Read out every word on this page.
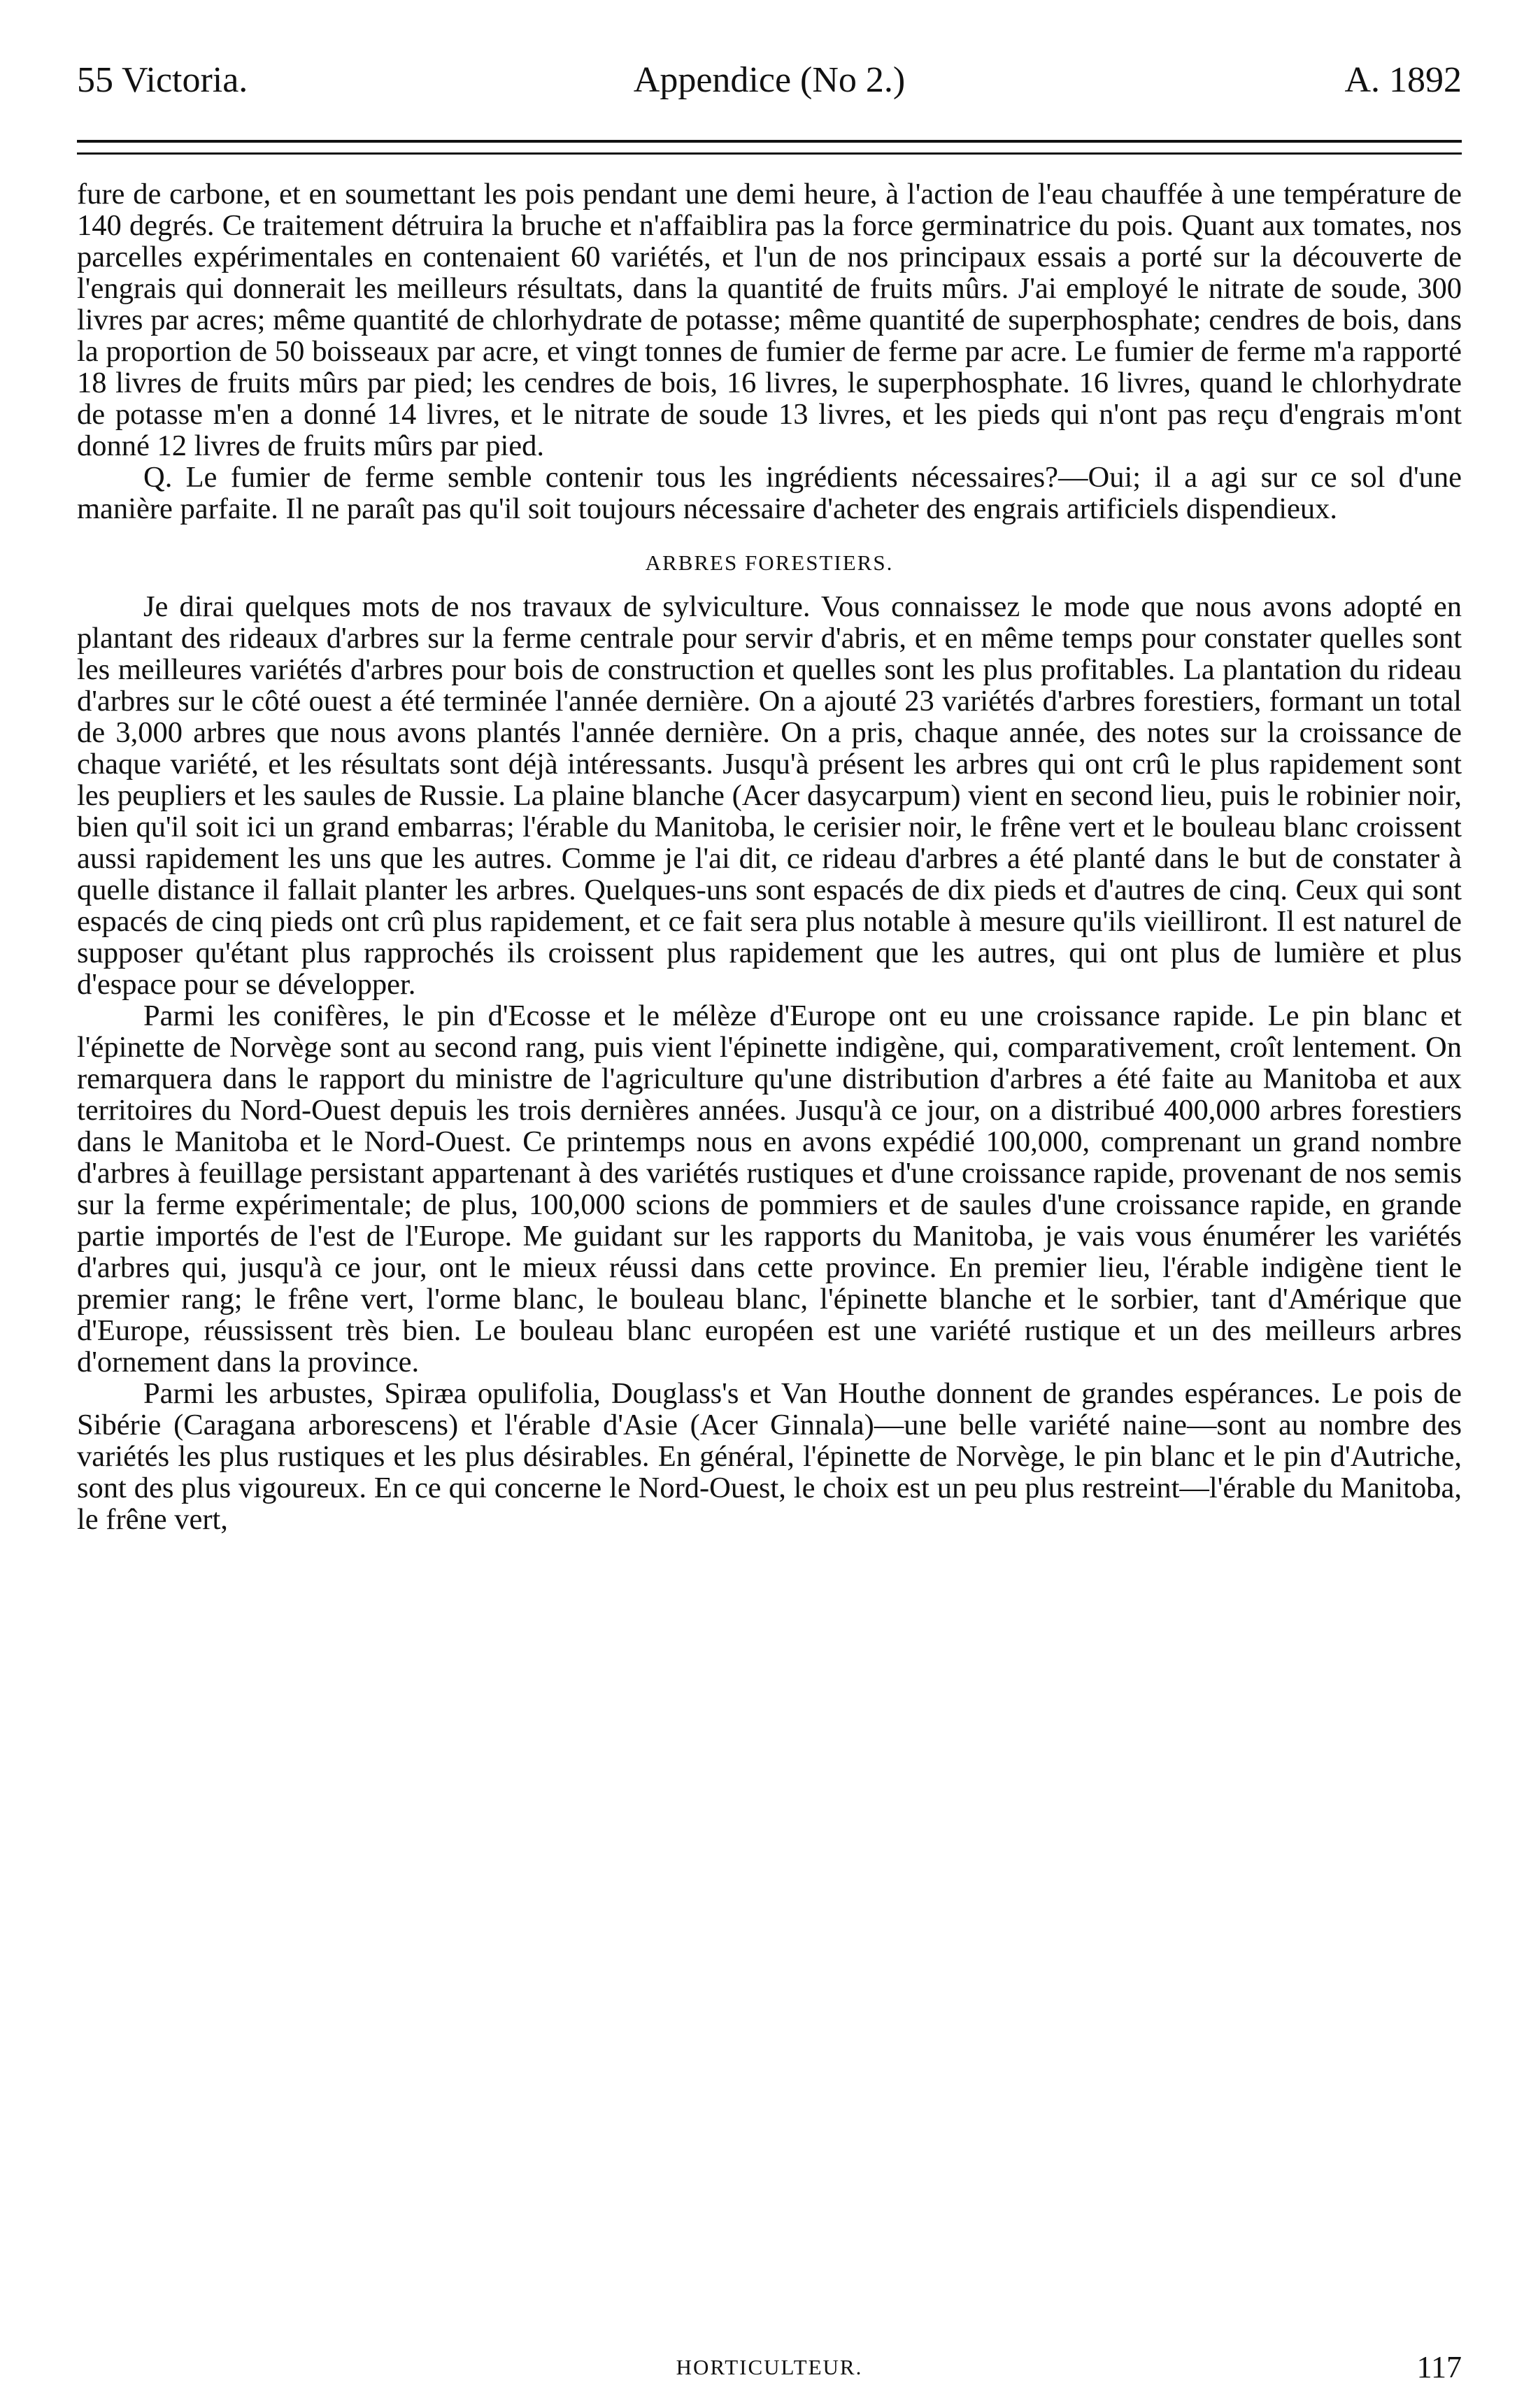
55 Victoria.	Appendice (No 2.)	A. 1892

fure de carbone, et en soumettant les pois pendant une demi heure, à l'action de l'eau chauffée à une température de 140 degrés. Ce traitement détruira la bruche et n'affaiblira pas la force germinatrice du pois. Quant aux tomates, nos parcelles expérimentales en contenaient 60 variétés, et l'un de nos principaux essais a porté sur la découverte de l'engrais qui donnerait les meilleurs résultats, dans la quantité de fruits mûrs. J'ai employé le nitrate de soude, 300 livres par acres; même quantité de chlorhydrate de potasse; même quantité de superphosphate; cendres de bois, dans la proportion de 50 boisseaux par acre, et vingt tonnes de fumier de ferme par acre. Le fumier de ferme m'a rapporté 18 livres de fruits mûrs par pied; les cendres de bois, 16 livres, le superphosphate. 16 livres, quand le chlorhydrate de potasse m'en a donné 14 livres, et le nitrate de soude 13 livres, et les pieds qui n'ont pas reçu d'engrais m'ont donné 12 livres de fruits mûrs par pied.

Q. Le fumier de ferme semble contenir tous les ingrédients nécessaires?—Oui; il a agi sur ce sol d'une manière parfaite. Il ne paraît pas qu'il soit toujours nécessaire d'acheter des engrais artificiels dispendieux.

ARBRES FORESTIERS.

Je dirai quelques mots de nos travaux de sylviculture. Vous connaissez le mode que nous avons adopté en plantant des rideaux d'arbres sur la ferme centrale pour servir d'abris, et en même temps pour constater quelles sont les meilleures variétés d'arbres pour bois de construction et quelles sont les plus profitables. La plantation du rideau d'arbres sur le côté ouest a été terminée l'année dernière. On a ajouté 23 variétés d'arbres forestiers, formant un total de 3,000 arbres que nous avons plantés l'année dernière. On a pris, chaque année, des notes sur la croissance de chaque variété, et les résultats sont déjà intéressants. Jusqu'à présent les arbres qui ont crû le plus rapidement sont les peupliers et les saules de Russie. La plaine blanche (Acer dasycarpum) vient en second lieu, puis le robinier noir, bien qu'il soit ici un grand embarras; l'érable du Manitoba, le cerisier noir, le frêne vert et le bouleau blanc croissent aussi rapidement les uns que les autres. Comme je l'ai dit, ce rideau d'arbres a été planté dans le but de constater à quelle distance il fallait planter les arbres. Quelques-uns sont espacés de dix pieds et d'autres de cinq. Ceux qui sont espacés de cinq pieds ont crû plus rapidement, et ce fait sera plus notable à mesure qu'ils vieilliront. Il est naturel de supposer qu'étant plus rapprochés ils croissent plus rapidement que les autres, qui ont plus de lumière et plus d'espace pour se développer.

Parmi les conifères, le pin d'Ecosse et le mélèze d'Europe ont eu une croissance rapide. Le pin blanc et l'épinette de Norvège sont au second rang, puis vient l'épinette indigène, qui, comparativement, croît lentement. On remarquera dans le rapport du ministre de l'agriculture qu'une distribution d'arbres a été faite au Manitoba et aux territoires du Nord-Ouest depuis les trois dernières années. Jusqu'à ce jour, on a distribué 400,000 arbres forestiers dans le Manitoba et le Nord-Ouest. Ce printemps nous en avons expédié 100,000, comprenant un grand nombre d'arbres à feuillage persistant appartenant à des variétés rustiques et d'une croissance rapide, provenant de nos semis sur la ferme expérimentale; de plus, 100,000 scions de pommiers et de saules d'une croissance rapide, en grande partie importés de l'est de l'Europe. Me guidant sur les rapports du Manitoba, je vais vous énumérer les variétés d'arbres qui, jusqu'à ce jour, ont le mieux réussi dans cette province. En premier lieu, l'érable indigène tient le premier rang; le frêne vert, l'orme blanc, le bouleau blanc, l'épinette blanche et le sorbier, tant d'Amérique que d'Europe, réussissent très bien. Le bouleau blanc européen est une variété rustique et un des meilleurs arbres d'ornement dans la province.

Parmi les arbustes, Spiræa opulifolia, Douglass's et Van Houthe donnent de grandes espérances. Le pois de Sibérie (Caragana arborescens) et l'érable d'Asie (Acer Ginnala)—une belle variété naine—sont au nombre des variétés les plus rustiques et les plus désirables. En général, l'épinette de Norvège, le pin blanc et le pin d'Autriche, sont des plus vigoureux. En ce qui concerne le Nord-Ouest, le choix est un peu plus restreint—l'érable du Manitoba, le frêne vert,

HORTICULTEUR.	117
